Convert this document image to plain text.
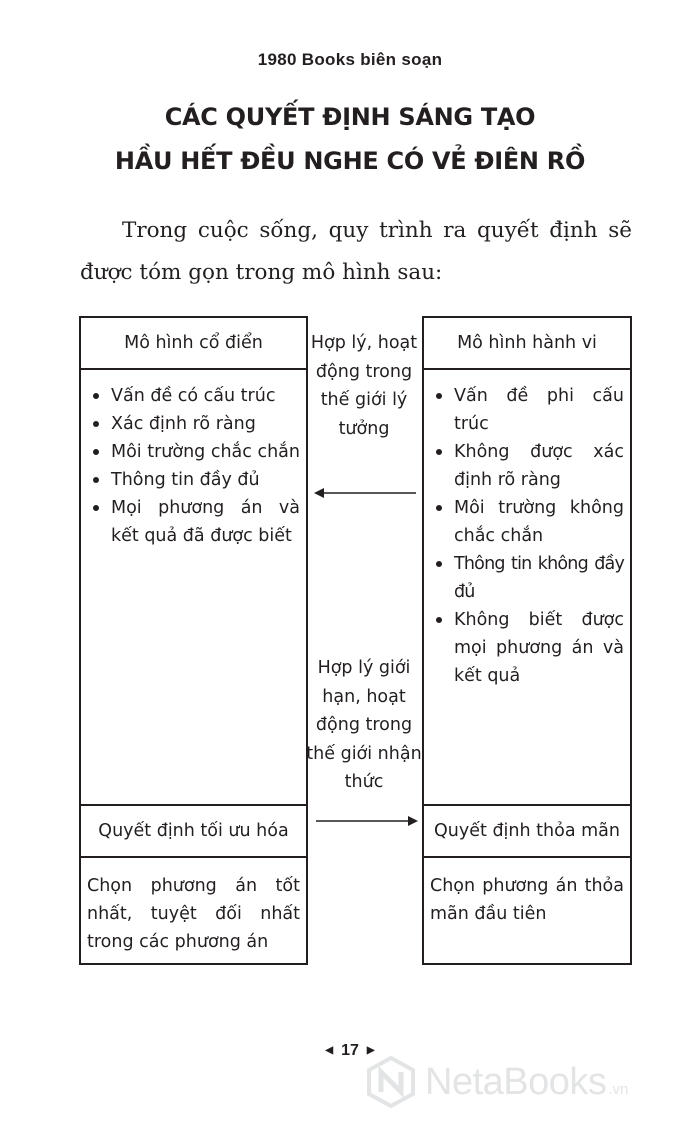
1980 Books biên soạn
CÁC QUYẾT ĐỊNH SÁNG TẠO
HẦU HẾT ĐỀU NGHE CÓ VẺ ĐIÊN RỒ
Trong cuộc sống, quy trình ra quyết định sẽ được tóm gọn trong mô hình sau:
Mô hình cổ điển
Vấn đề có cấu trúc
Xác định rõ ràng
Môi trường chắc chắn
Thông tin đầy đủ
Mọi phương án và kết quả đã được biết
Quyết định tối ưu hóa
Chọn phương án tốt nhất, tuyệt đối nhất trong các phương án
Mô hình hành vi
Vấn đề phi cấu trúc
Không được xác định rõ ràng
Môi trường không chắc chắn
Thông tin không đầy đủ
Không biết được mọi phương án và kết quả
Quyết định thỏa mãn
Chọn phương án thỏa mãn đầu tiên
Hợp lý, hoạt động trong thế giới lý tưởng
Hợp lý giới hạn, hoạt động trong thế giới nhận thức
◀ 17 ▶
NetaBooks .vn
